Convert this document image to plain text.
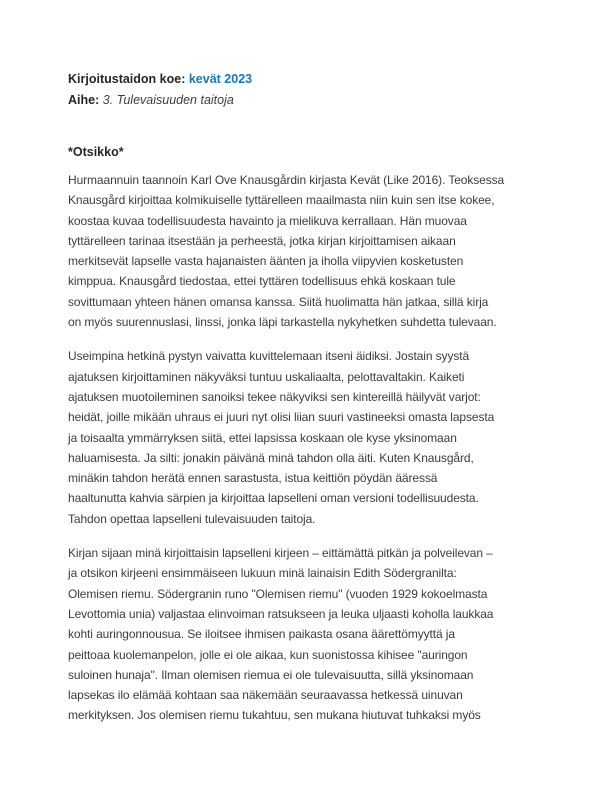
Kirjoitustaidon koe: kevät 2023
Aihe: 3. Tulevaisuuden taitoja
*Otsikko*
Hurmaannuin taannoin Karl Ove Knausgårdin kirjasta Kevät (Like 2016). Teoksessa
Knausgård kirjoittaa kolmikuiselle tyttärelleen maailmasta niin kuin sen itse kokee,
koostaa kuvaa todellisuudesta havainto ja mielikuva kerrallaan. Hän muovaa
tyttärelleen tarinaa itsestään ja perheestä, jotka kirjan kirjoittamisen aikaan
merkitsevät lapselle vasta hajanaisten äänten ja iholla viipyvien kosketusten
kimppua. Knausgård tiedostaa, ettei tyttären todellisuus ehkä koskaan tule
sovittumaan yhteen hänen omansa kanssa. Siitä huolimatta hän jatkaa, sillä kirja
on myös suurennuslasi, linssi, jonka läpi tarkastella nykyhetken suhdetta tulevaan.
Useimpina hetkinä pystyn vaivatta kuvittelemaan itseni äidiksi. Jostain syystä
ajatuksen kirjoittaminen näkyväksi tuntuu uskaliaalta, pelottavaltakin. Kaiketi
ajatuksen muotoileminen sanoiksi tekee näkyviksi sen kintereillä häilyvät varjot:
heidät, joille mikään uhraus ei juuri nyt olisi liian suuri vastineeksi omasta lapsesta
ja toisaalta ymmärryksen siitä, ettei lapsissa koskaan ole kyse yksinomaan
haluamisesta. Ja silti: jonakin päivänä minä tahdon olla äiti. Kuten Knausgård,
minäkin tahdon herätä ennen sarastusta, istua keittiön pöydän ääressä
haaltunutta kahvia särpien ja kirjoittaa lapselleni oman versioni todellisuudesta.
Tahdon opettaa lapselleni tulevaisuuden taitoja.
Kirjan sijaan minä kirjoittaisin lapselleni kirjeen – eittämättä pitkän ja polveilevan –
ja otsikon kirjeeni ensimmäiseen lukuun minä lainaisin Edith Södergranilta:
Olemisen riemu. Södergranin runo "Olemisen riemu" (vuoden 1929 kokoelmasta
Levottomia unia) valjastaa elinvoiman ratsukseen ja leuka uljaasti koholla laukkaa
kohti auringonnousua. Se iloitsee ihmisen paikasta osana äärettömyyttä ja
peittoaa kuolemanpelon, jolle ei ole aikaa, kun suonistossa kihisee "auringon
suloinen hunaja". Ilman olemisen riemua ei ole tulevaisuutta, sillä yksinomaan
lapsekas ilo elämää kohtaan saa näkemään seuraavassa hetkessä uinuvan
merkityksen. Jos olemisen riemu tukahtuu, sen mukana hiutuvat tuhkaksi myös
